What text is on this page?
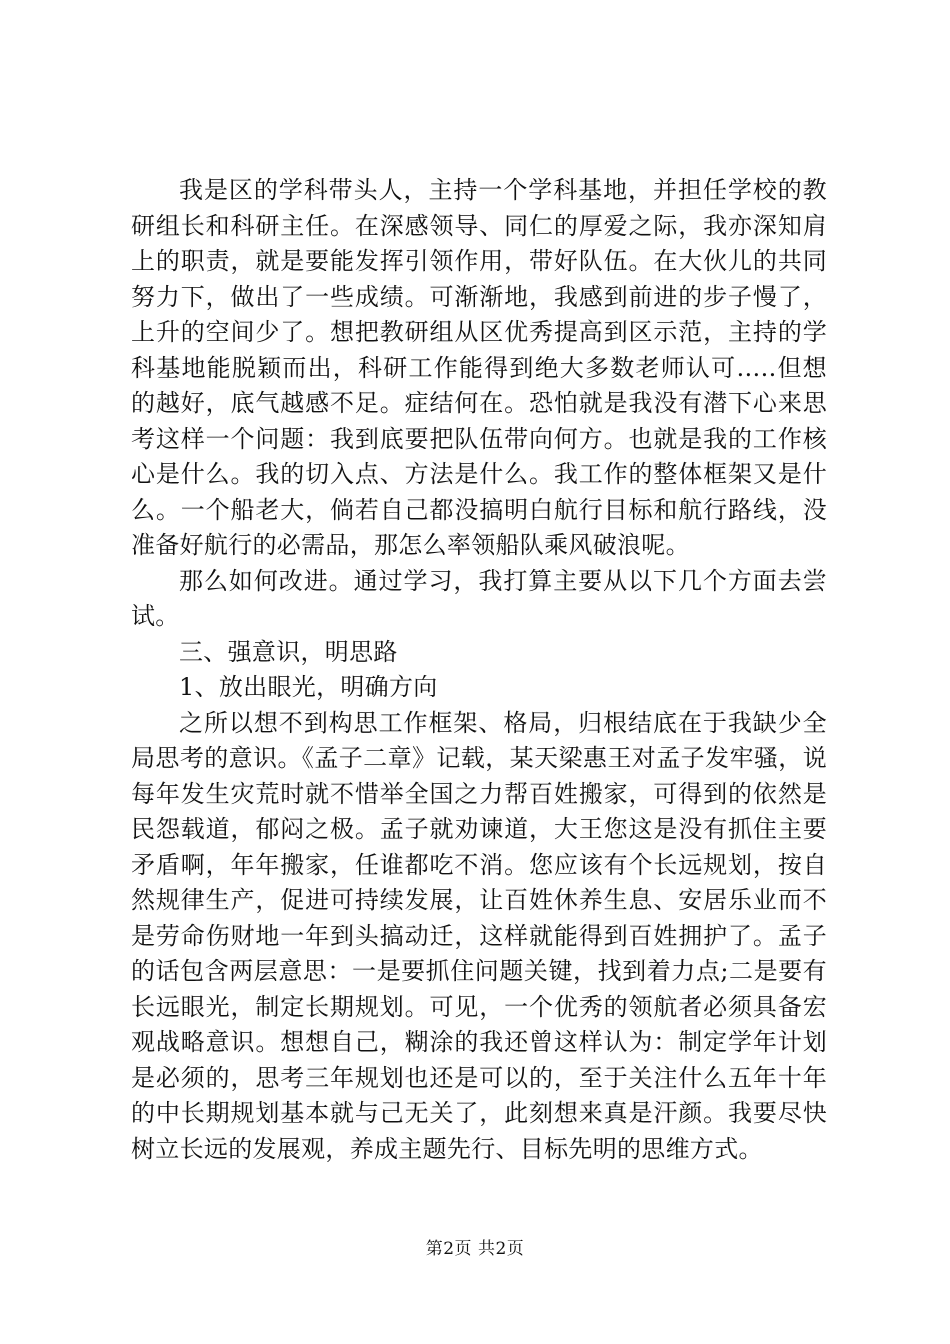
我是区的学科带头人，主持一个学科基地，并担任学校的教研组长和科研主任。在深感领导、同仁的厚爱之际，我亦深知肩上的职责，就是要能发挥引领作用，带好队伍。在大伙儿的共同努力下，做出了一些成绩。可渐渐地，我感到前进的步子慢了，上升的空间少了。想把教研组从区优秀提高到区示范，主持的学科基地能脱颖而出，科研工作能得到绝大多数老师认可…..但想的越好，底气越感不足。症结何在。恐怕就是我没有潜下心来思考这样一个问题：我到底要把队伍带向何方。也就是我的工作核心是什么。我的切入点、方法是什么。我工作的整体框架又是什么。一个船老大，倘若自己都没搞明白航行目标和航行路线，没准备好航行的必需品，那怎么率领船队乘风破浪呢。

那么如何改进。通过学习，我打算主要从以下几个方面去尝试。

三、强意识，明思路

1、放出眼光，明确方向

之所以想不到构思工作框架、格局，归根结底在于我缺少全局思考的意识。《孟子二章》记载，某天梁惠王对孟子发牢骚，说每年发生灾荒时就不惜举全国之力帮百姓搬家，可得到的依然是民怨载道，郁闷之极。孟子就劝谏道，大王您这是没有抓住主要矛盾啊，年年搬家，任谁都吃不消。您应该有个长远规划，按自然规律生产，促进可持续发展，让百姓休养生息、安居乐业而不是劳命伤财地一年到头搞动迁，这样就能得到百姓拥护了。孟子的话包含两层意思：一是要抓住问题关键，找到着力点;二是要有长远眼光，制定长期规划。可见，一个优秀的领航者必须具备宏观战略意识。想想自己，糊涂的我还曾这样认为：制定学年计划是必须的，思考三年规划也还是可以的，至于关注什么五年十年的中长期规划基本就与己无关了，此刻想来真是汗颜。我要尽快树立长远的发展观，养成主题先行、目标先明的思维方式。

第2页 共2页
